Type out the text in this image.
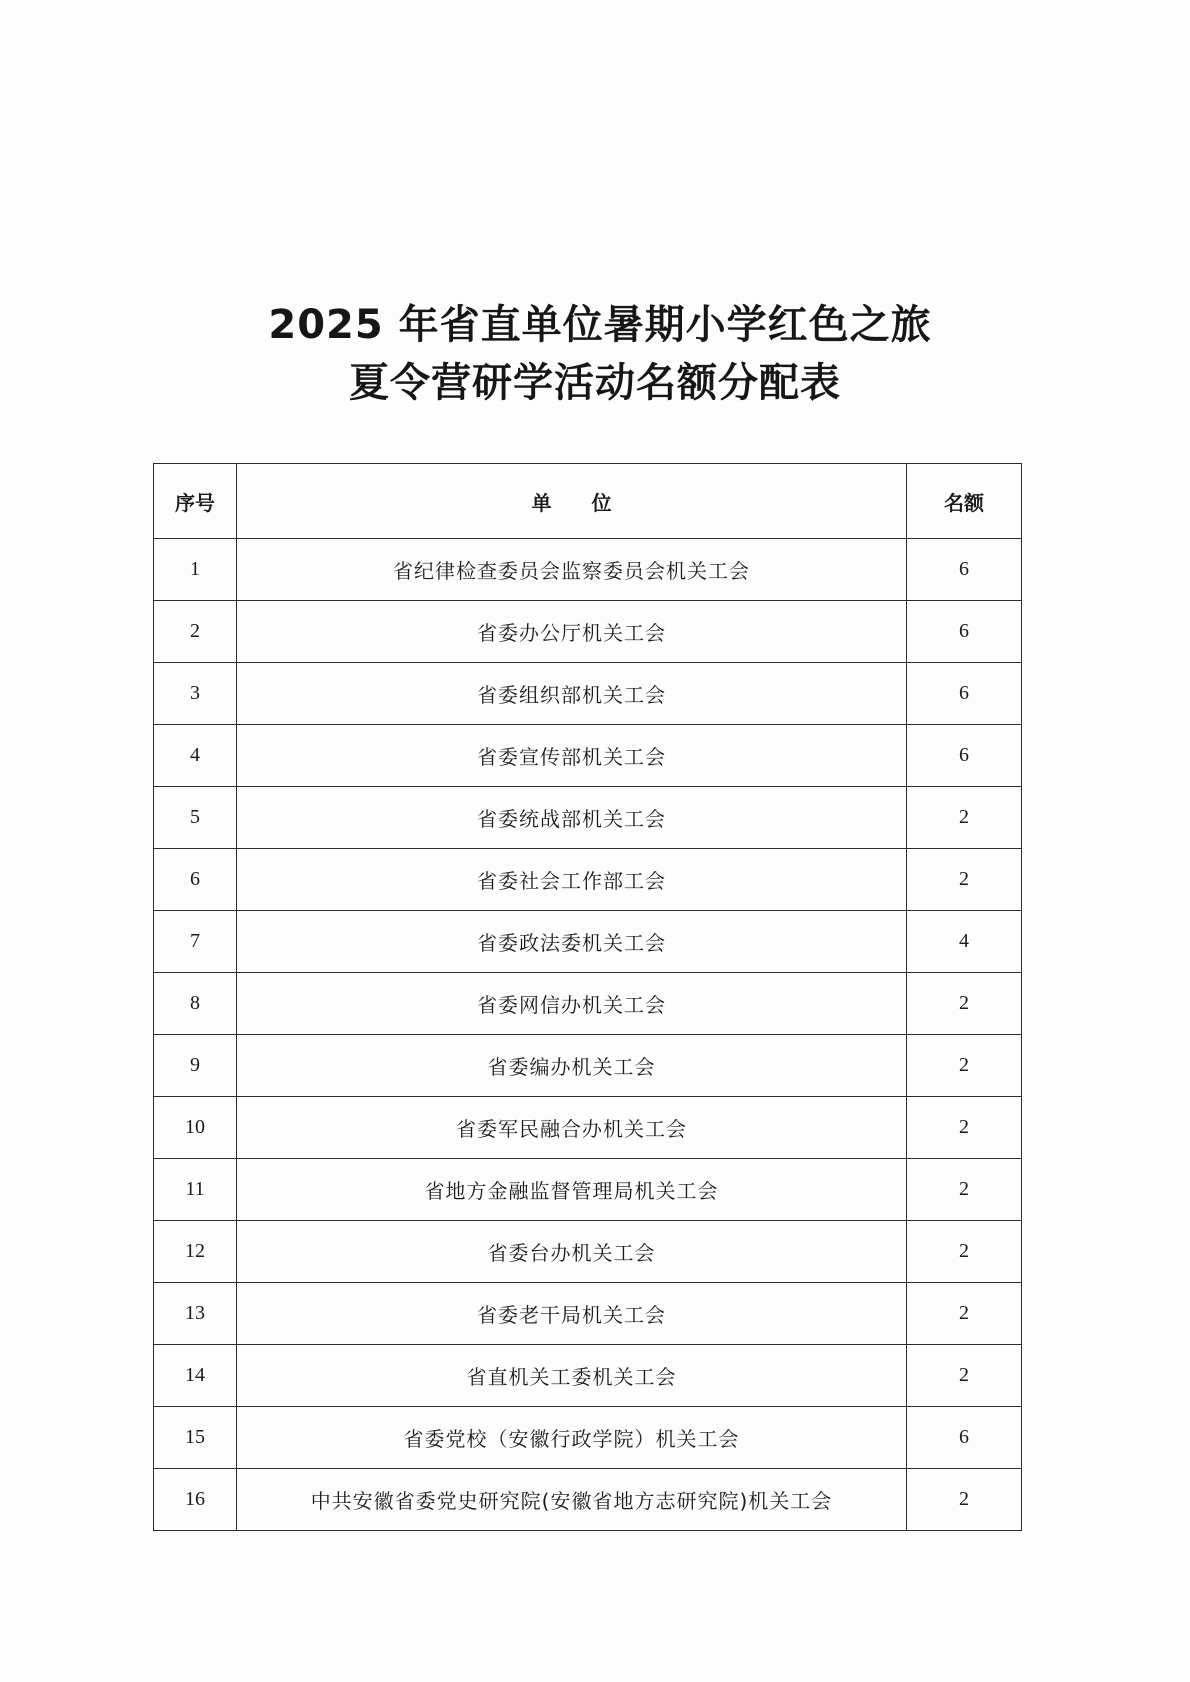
2025 年省直单位暑期小学红色之旅
夏令营研学活动名额分配表
序号	单　　位	名额
1	省纪律检查委员会监察委员会机关工会	6
2	省委办公厅机关工会	6
3	省委组织部机关工会	6
4	省委宣传部机关工会	6
5	省委统战部机关工会	2
6	省委社会工作部工会	2
7	省委政法委机关工会	4
8	省委网信办机关工会	2
9	省委编办机关工会	2
10	省委军民融合办机关工会	2
11	省地方金融监督管理局机关工会	2
12	省委台办机关工会	2
13	省委老干局机关工会	2
14	省直机关工委机关工会	2
15	省委党校（安徽行政学院）机关工会	6
16	中共安徽省委党史研究院(安徽省地方志研究院)机关工会	2
